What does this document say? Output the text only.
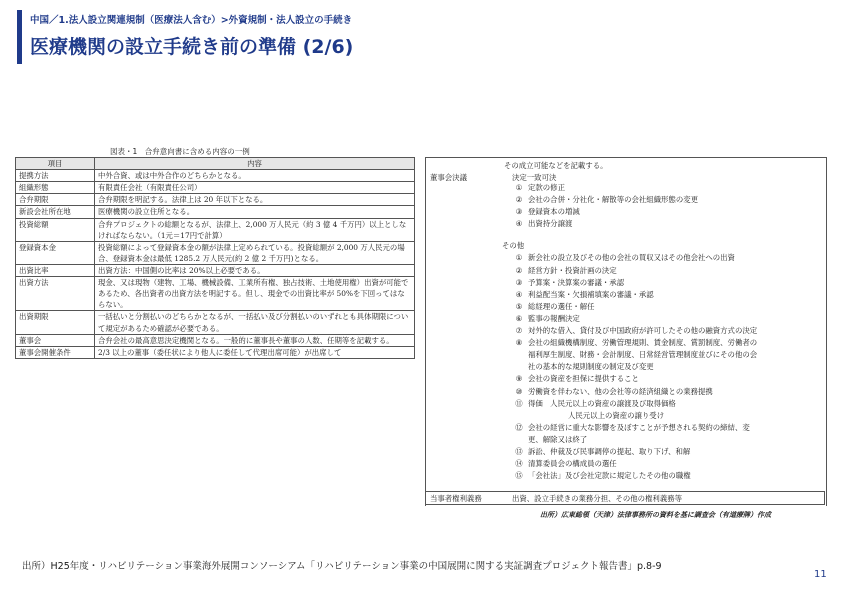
中国／1.法人設立関連規制（医療法人含む）>外資規制・法人設立の手続き
医療機関の設立手続き前の準備 (2/6)
図表・1　合弁意向書に含める内容の一例
項目	内容
提携方法	中外合資、或は中外合作のどちらかとなる。
組織形態	有限責任会社（有限責任公司）
合弁期限	合弁期限を明記する。法律上は 20 年以下となる。
新設会社所在地	医療機関の設立住所となる。
投資総額	合弁プロジェクトの総額となるが、法律上、2,000 万人民元（約 3 億 4 千万円）以上としなければならない。（1元＝17円で計算）
登録資本金	投資総額によって登録資本金の額が法律上定められている。投資総額が 2,000 万人民元の場合、登録資本金は最低 1285.2 万人民元(約 2 億 2 千万円)となる。
出資比率	出資方法：中国側の比率は 20%以上必要である。
出資方法	現金、又は現物（建物、工場、機械設備、工業所有権、独占技術、土地使用権）出資が可能であるため、各出資者の出資方法を明記する。但し、現金での出資比率が 50%を下回ってはならない。
出資期限	一括払いと分割払いのどちらかとなるが、一括払い及び分割払いのいずれとも具体期限について規定があるため確認が必要である。
董事会	合弁会社の最高意思決定機関となる。一般的に董事長や董事の人数、任期等を記載する。
董事会開催条件	2/3 以上の董事（委任状により他人に委任して代理出席可能）が出席して
その成立可能などを記載する。
董事会決議	決定一致可決
① 定款の修正
② 会社の合併・分社化・解散等の会社組織形態の変更
③ 登録資本の増減
④ 出資持分譲渡
その他
① 新会社の設立及びその他の会社の買収又はその他会社への出資
② 経営方針・投資計画の決定
③ 予算案・決算案の審議・承認
④ 利益配当案・欠損補填案の審議・承認
⑤ 総経理の選任・解任
⑥ 監事の報酬決定
⑦ 対外的な借入、貸付及び中国政府が許可したその他の融資方式の決定
⑧ 会社の組織機構制度、労働管理規則、賃金制度、賞罰制度、労働者の
福利厚生制度、財務・会計制度、日常経営管理制度並びにその他の会
社の基本的な規則制度の制定及び変更
⑨ 会社の資産を担保に提供すること
⑩ 労働資を伴わない、他の会社等の経済組織との業務提携
⑪ 得価　人民元以上の資産の譲渡及び取得価格
人民元以上の資産の譲り受け
⑫ 会社の経営に重大な影響を及ぼすことが予想される契約の締結、変
更、解除又は終了
⑬ 訴訟、仲裁及び民事調停の提起、取り下げ、和解
⑭ 清算委員会の構成員の選任
⑮ 「会社法」及び会社定款に規定したその他の職権
当事者権利義務	出資、設立手続きの業務分担、その他の権利義務等
出所）広東総領（天津）法律事務所の資料を基に調査会（有道療牌）作成
出所）H25年度・リハビリテーション事業海外展開コンソーシアム「リハビリテーション事業の中国展開に関する実証調査プロジェクト報告書」p.8-9
11
